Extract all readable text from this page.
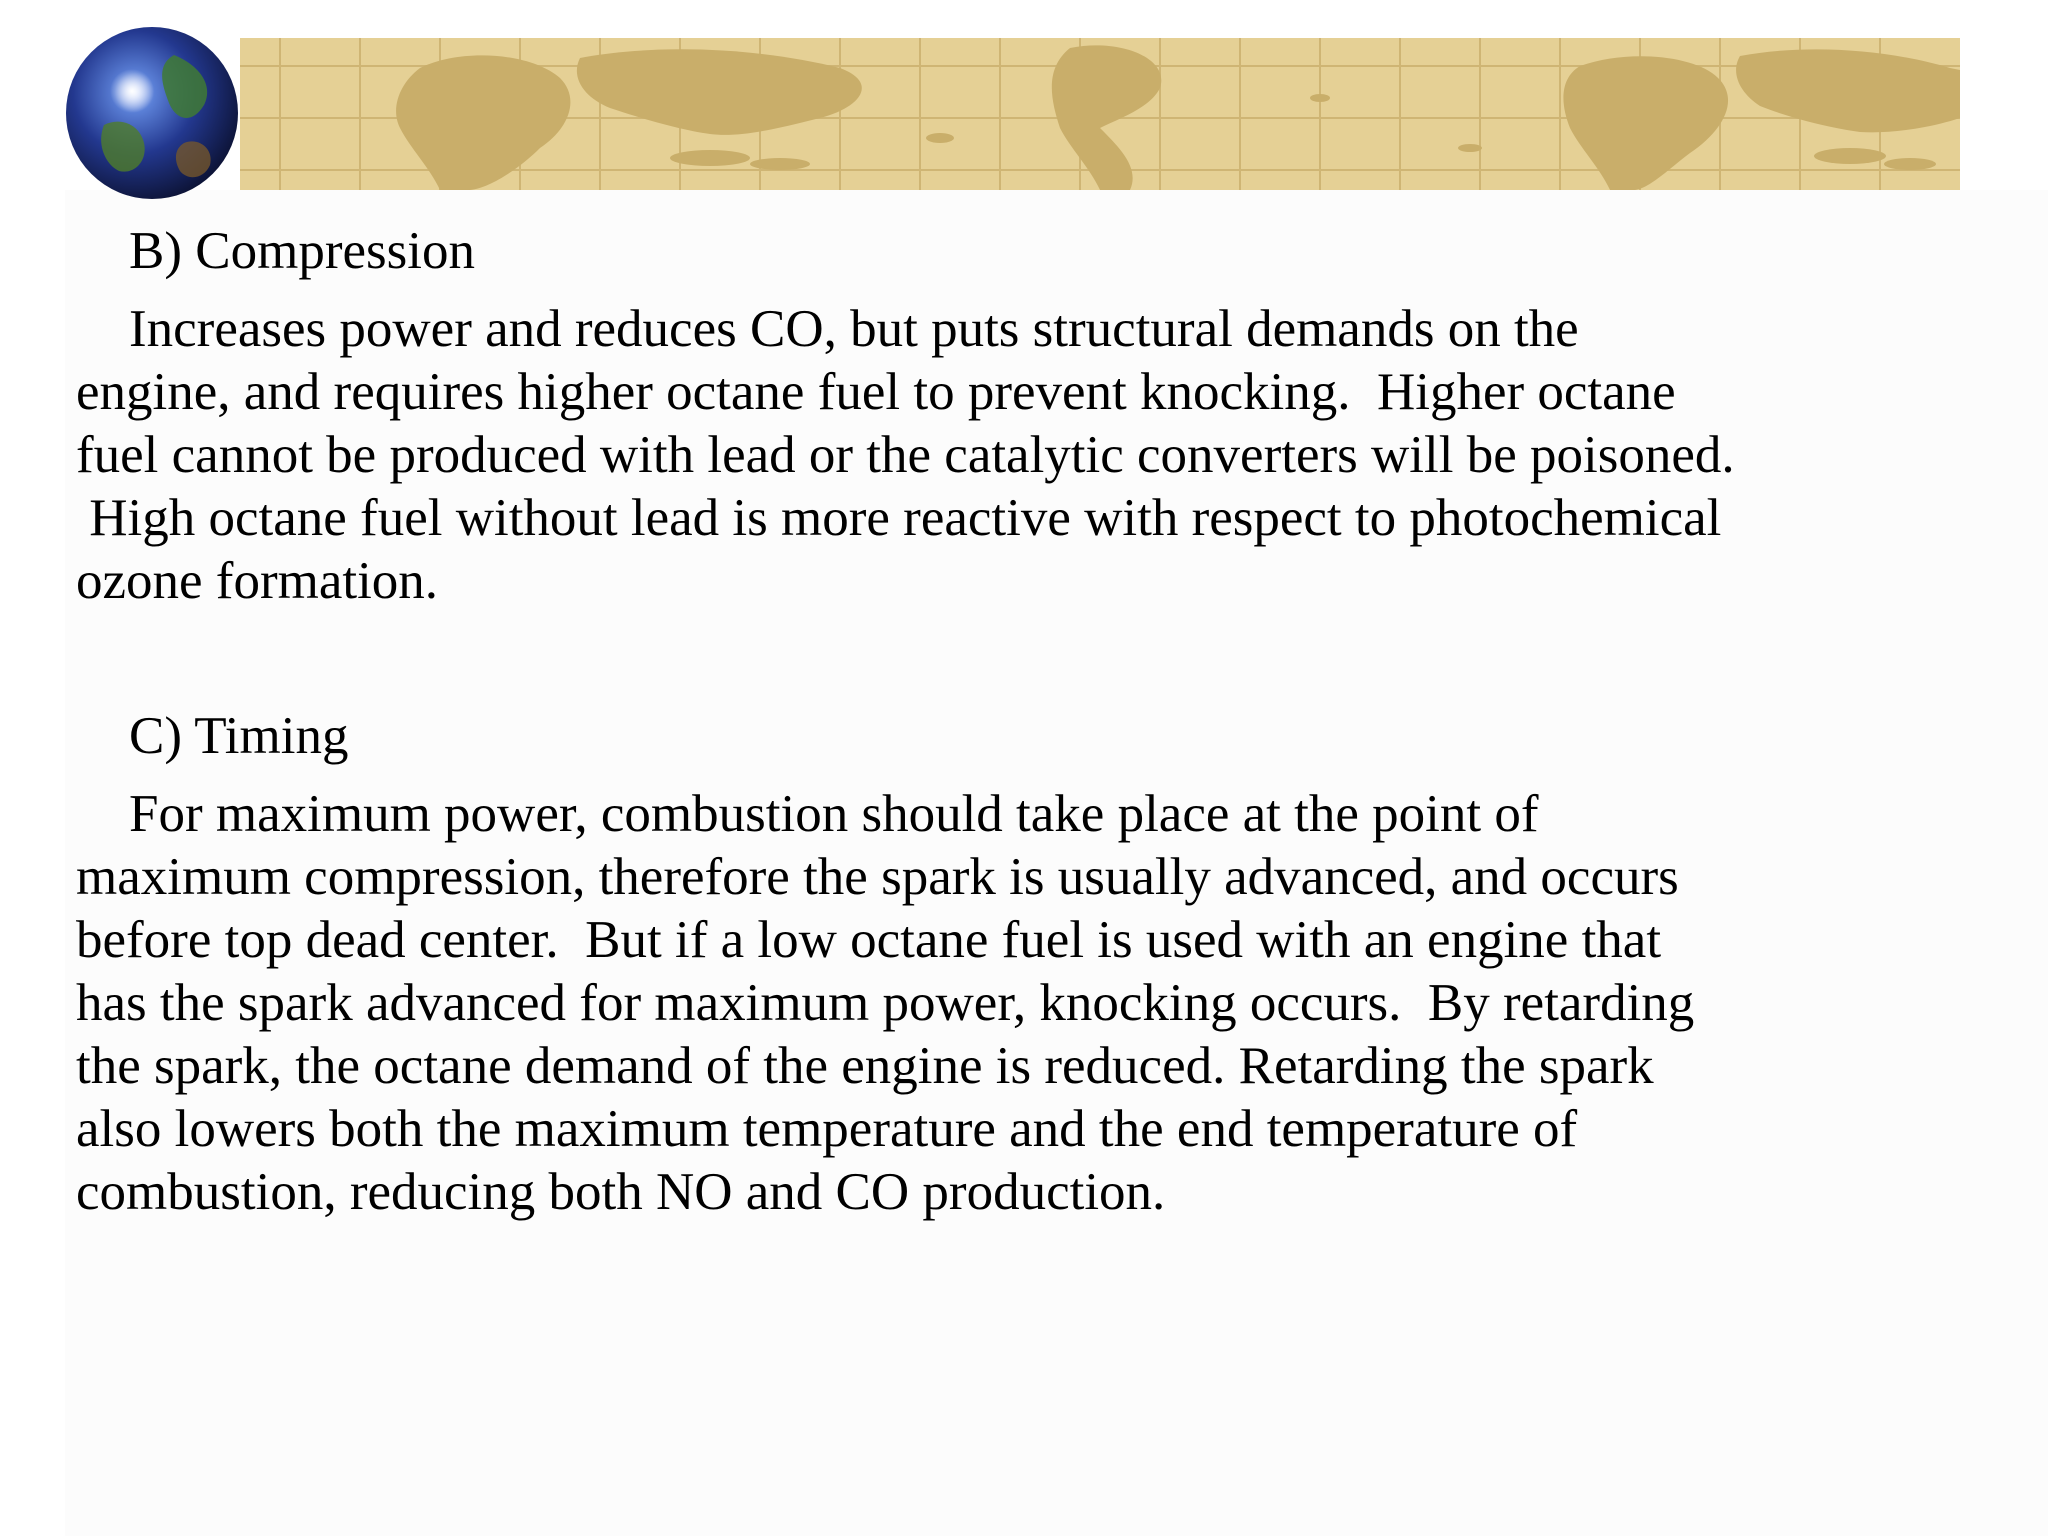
B) Compression

Increases power and reduces CO, but puts structural demands on the
engine, and requires higher octane fuel to prevent knocking.  Higher octane
fuel cannot be produced with lead or the catalytic converters will be poisoned.
High octane fuel without lead is more reactive with respect to photochemical
ozone formation.

C) Timing

For maximum power, combustion should take place at the point of
maximum compression, therefore the spark is usually advanced, and occurs
before top dead center.  But if a low octane fuel is used with an engine that
has the spark advanced for maximum power, knocking occurs.  By retarding
the spark, the octane demand of the engine is reduced. Retarding the spark
also lowers both the maximum temperature and the end temperature of
combustion, reducing both NO and CO production.
